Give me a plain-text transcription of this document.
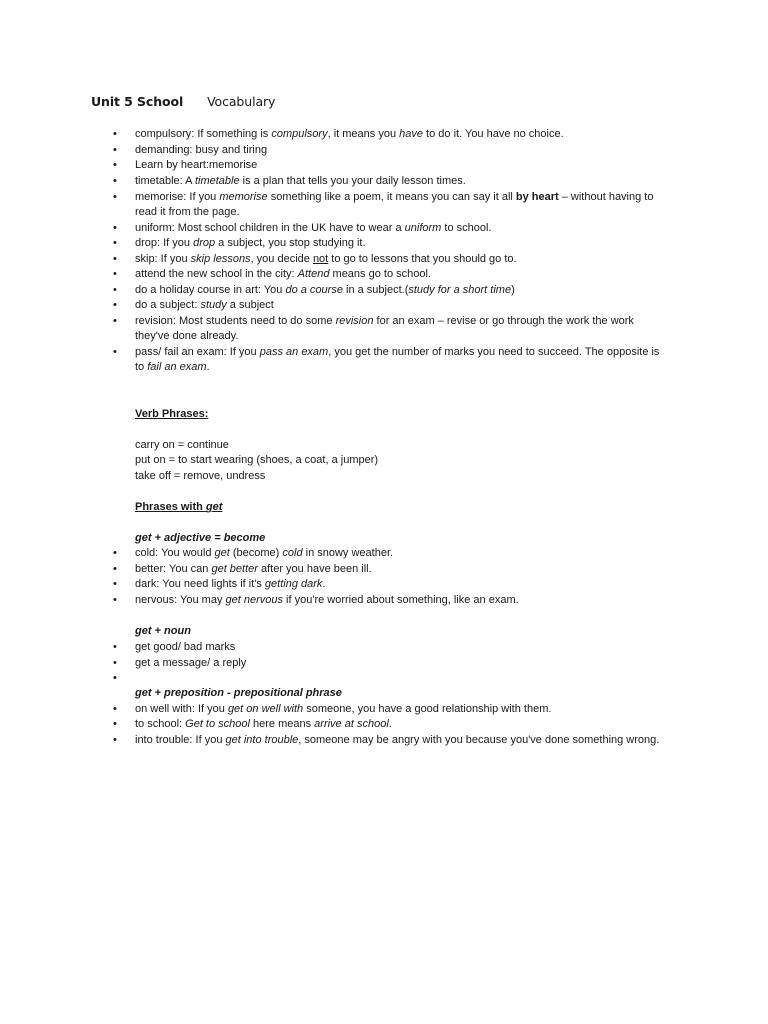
Unit 5 School Vocabulary
• compulsory: If something is compulsory, it means you have to do it. You have no choice.
• demanding: busy and tiring
• Learn by heart:memorise
• timetable: A timetable is a plan that tells you your daily lesson times.
• memorise: If you memorise something like a poem, it means you can say it all by heart – without having to
read it from the page.
• uniform: Most school children in the UK have to wear a uniform to school.
• drop: If you drop a subject, you stop studying it.
• skip: If you skip lessons, you decide not to go to lessons that you should go to.
• attend the new school in the city: Attend means go to school.
• do a holiday course in art: You do a course in a subject.(study for a short time)
• do a subject: study a subject
• revision: Most students need to do some revision for an exam – revise or go through the work the work
they've done already.
• pass/ fail an exam: If you pass an exam, you get the number of marks you need to succeed. The opposite is
to fail an exam.
Verb Phrases:
carry on = continue
put on = to start wearing (shoes, a coat, a jumper)
take off = remove, undress
Phrases with get
get + adjective = become
• cold: You would get (become) cold in snowy weather.
• better: You can get better after you have been ill.
• dark: You need lights if it's getting dark.
• nervous: You may get nervous if you're worried about something, like an exam.
get + noun
• get good/ bad marks
• get a message/ a reply
•
get + preposition - prepositional phrase
• on well with: If you get on well with someone, you have a good relationship with them.
• to school: Get to school here means arrive at school.
• into trouble: If you get into trouble, someone may be angry with you because you've done something wrong.
